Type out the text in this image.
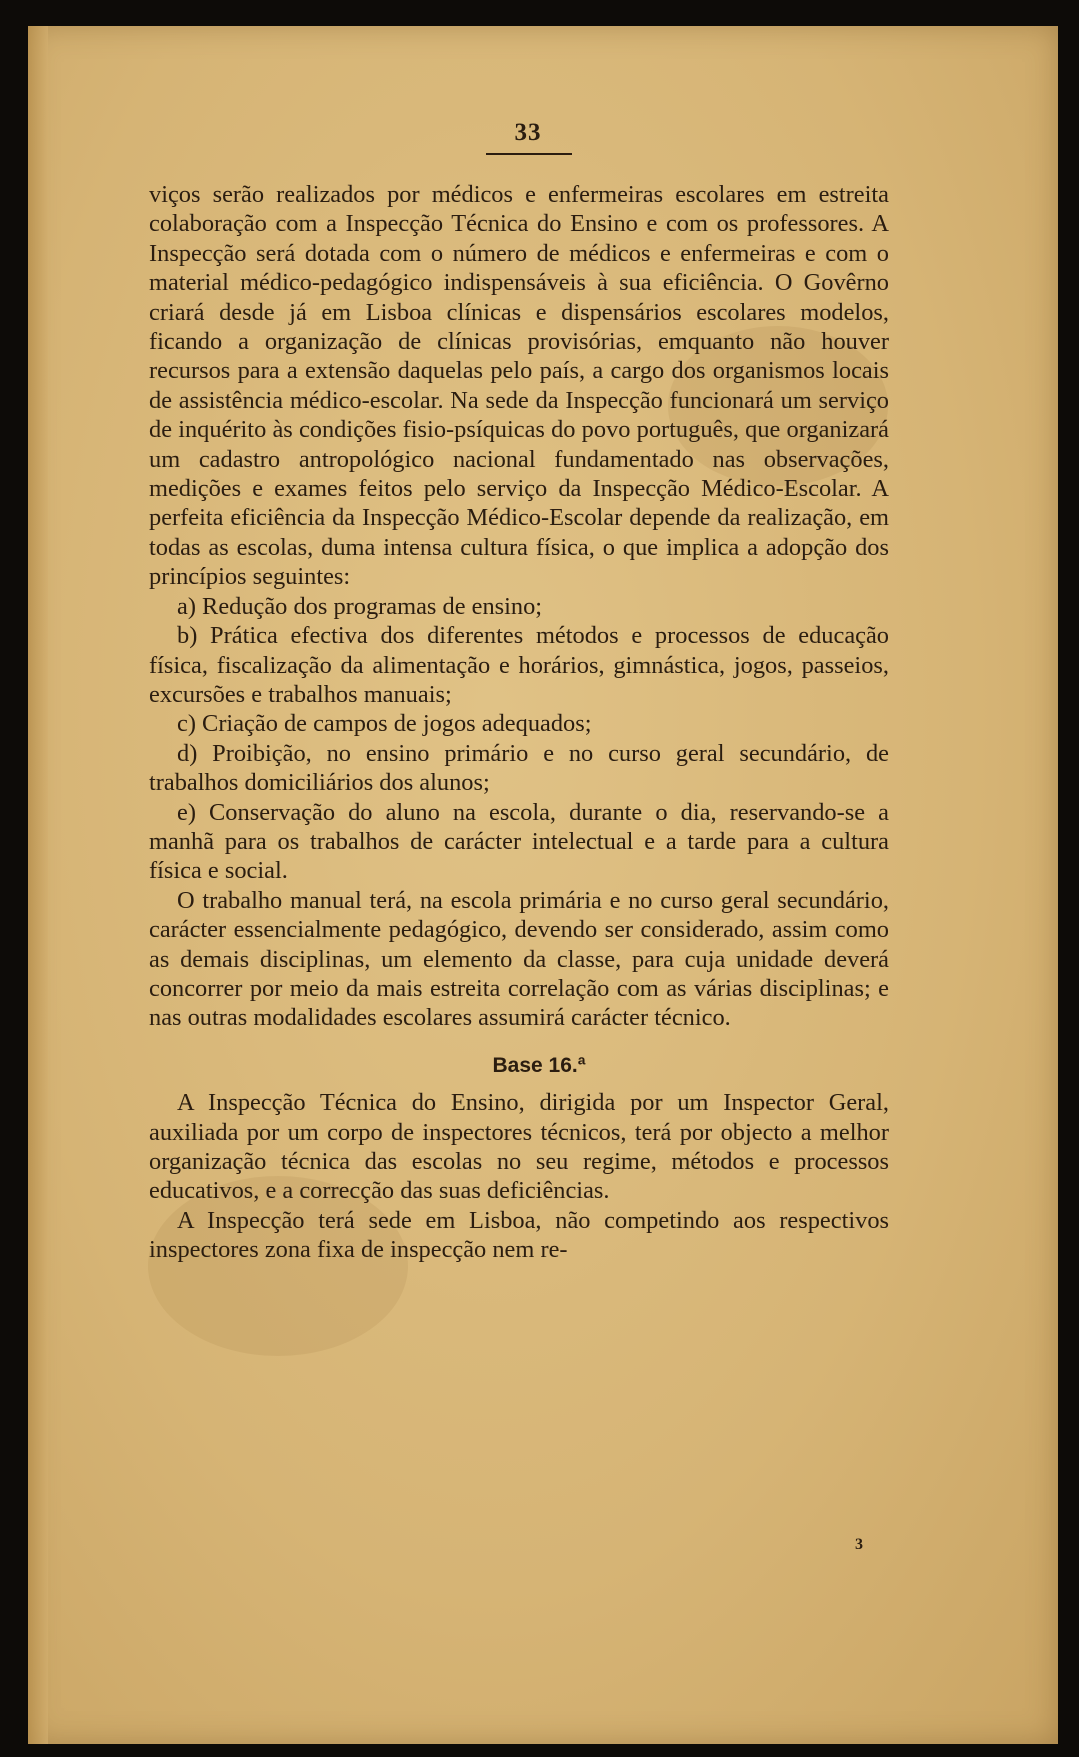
33

viços serão realizados por médicos e enfermeiras escolares em estreita colaboração com a Inspecção Técnica do Ensino e com os professores. A Inspecção será dotada com o número de médicos e enfermeiras e com o material médico-pedagógico indispensáveis à sua eficiência. O Govêrno criará desde já em Lisboa clínicas e dispensários escolares modelos, ficando a organização de clínicas provisórias, emquanto não houver recursos para a extensão daquelas pelo país, a cargo dos organismos locais de assistência médico-escolar. Na sede da Inspecção funcionará um serviço de inquérito às condições fisio-psíquicas do povo português, que organizará um cadastro antropológico nacional fundamentado nas observações, medições e exames feitos pelo serviço da Inspecção Médico-Escolar. A perfeita eficiência da Inspecção Médico-Escolar depende da realização, em todas as escolas, duma intensa cultura física, o que implica a adopção dos princípios seguintes:

a) Redução dos programas de ensino;

b) Prática efectiva dos diferentes métodos e processos de educação física, fiscalização da alimentação e horários, gimnástica, jogos, passeios, excursões e trabalhos manuais;

c) Criação de campos de jogos adequados;

d) Proibição, no ensino primário e no curso geral secundário, de trabalhos domiciliários dos alunos;

e) Conservação do aluno na escola, durante o dia, reservando-se a manhã para os trabalhos de carácter intelectual e a tarde para a cultura física e social.

O trabalho manual terá, na escola primária e no curso geral secundário, carácter essencialmente pedagógico, devendo ser considerado, assim como as demais disciplinas, um elemento da classe, para cuja unidade deverá concorrer por meio da mais estreita correlação com as várias disciplinas; e nas outras modalidades escolares assumirá carácter técnico.

Base 16.ª

A Inspecção Técnica do Ensino, dirigida por um Inspector Geral, auxiliada por um corpo de inspectores técnicos, terá por objecto a melhor organização técnica das escolas no seu regime, métodos e processos educativos, e a correcção das suas deficiências.

A Inspecção terá sede em Lisboa, não competindo aos respectivos inspectores zona fixa de inspecção nem re-

3
